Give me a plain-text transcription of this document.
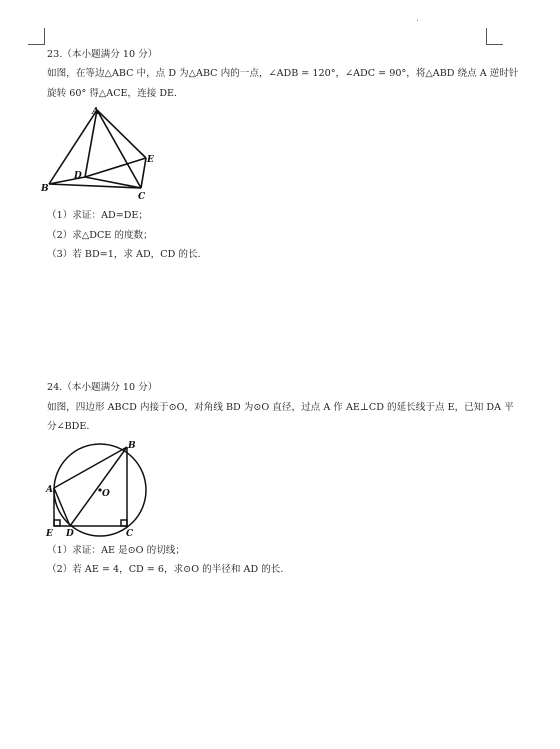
23.（本小题满分 10 分）
如图，在等边△ABC 中，点 D 为△ABC 内的一点，∠ADB = 120°，∠ADC = 90°，将△ABD 绕点 A 逆时针
旋转 60° 得△ACE，连接 DE.
A
B
C
D
E
（1）求证：AD=DE；
（2）求△DCE 的度数；
（3）若 BD=1，求 AD，CD 的长.
24.（本小题满分 10 分）
如图，四边形 ABCD 内接于⊙O，对角线 BD 为⊙O 直径，过点 A 作 AE⊥CD 的延长线于点 E，已知 DA 平
分∠BDE.
B
A	O
E D	C
（1）求证：AE 是⊙O 的切线；
（2）若 AE = 4，CD = 6，求⊙O 的半径和 AD 的长.
